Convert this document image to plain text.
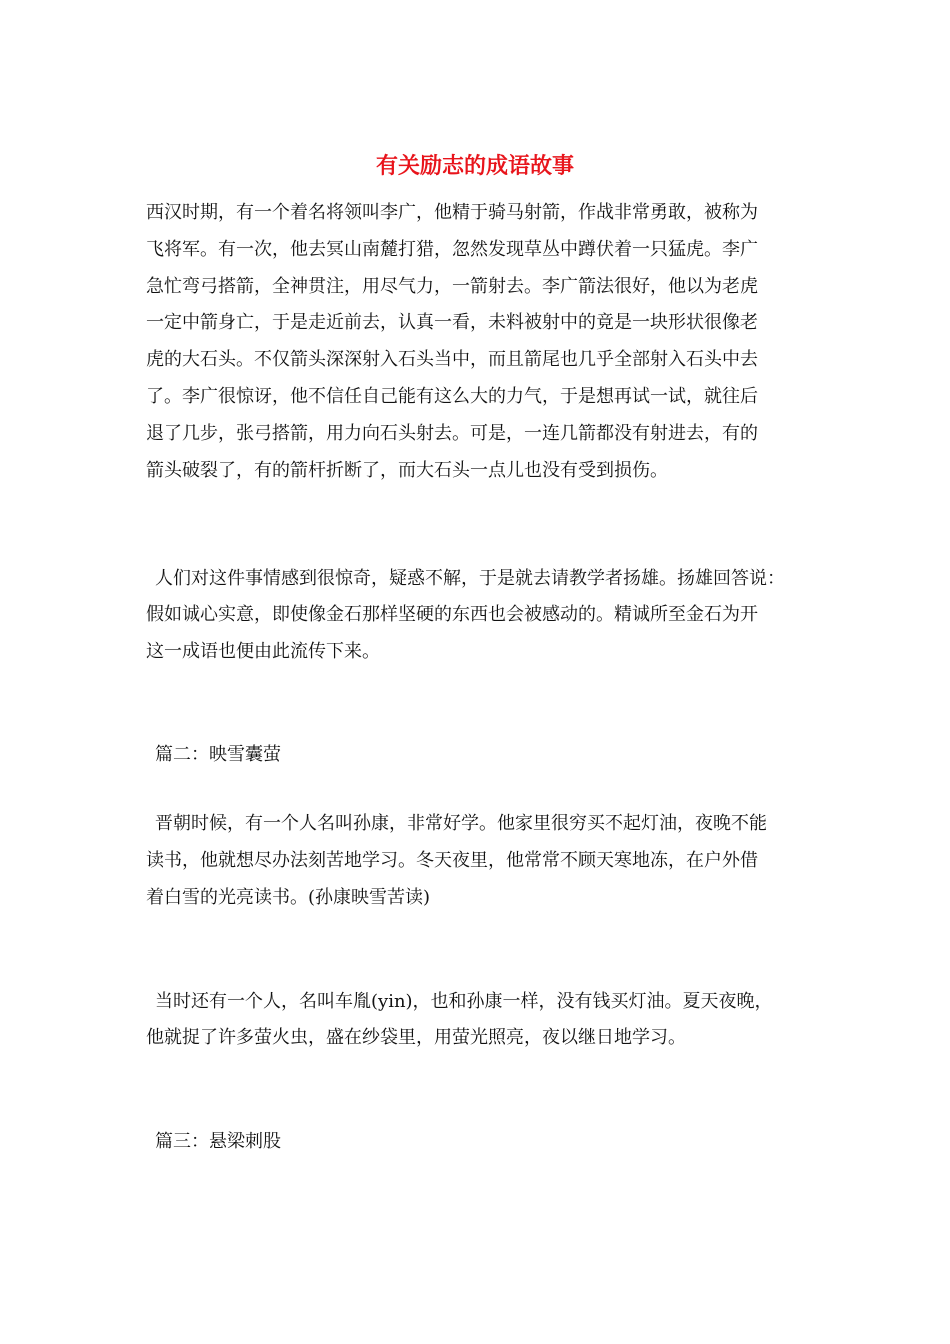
有关励志的成语故事
西汉时期，有一个着名将领叫李广，他精于骑马射箭，作战非常勇敢，被称为
飞将军。有一次，他去冥山南麓打猎，忽然发现草丛中蹲伏着一只猛虎。李广
急忙弯弓搭箭，全神贯注，用尽气力，一箭射去。李广箭法很好，他以为老虎
一定中箭身亡，于是走近前去，认真一看，未料被射中的竟是一块形状很像老
虎的大石头。不仅箭头深深射入石头当中，而且箭尾也几乎全部射入石头中去
了。李广很惊讶，他不信任自己能有这么大的力气，于是想再试一试，就往后
退了几步，张弓搭箭，用力向石头射去。可是，一连几箭都没有射进去，有的
箭头破裂了，有的箭杆折断了，而大石头一点儿也没有受到损伤。
人们对这件事情感到很惊奇，疑惑不解，于是就去请教学者扬雄。扬雄回答说：
假如诚心实意，即使像金石那样坚硬的东西也会被感动的。精诚所至金石为开
这一成语也便由此流传下来。
篇二：映雪囊萤
晋朝时候，有一个人名叫孙康，非常好学。他家里很穷买不起灯油，夜晚不能
读书，他就想尽办法刻苦地学习。冬天夜里，他常常不顾天寒地冻，在户外借
着白雪的光亮读书。(孙康映雪苦读)
当时还有一个人，名叫车胤(yin)，也和孙康一样，没有钱买灯油。夏天夜晚，
他就捉了许多萤火虫，盛在纱袋里，用萤光照亮，夜以继日地学习。
篇三：悬梁刺股
